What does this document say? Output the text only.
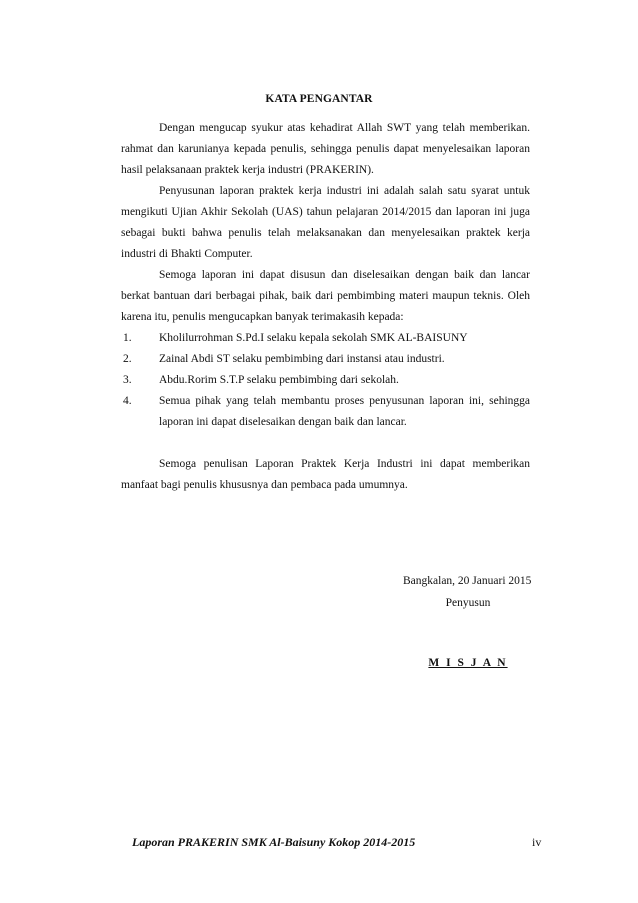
KATA PENGANTAR

Dengan mengucap syukur atas kehadirat Allah SWT yang telah memberikan. rahmat dan karunianya kepada penulis, sehingga penulis dapat menyelesaikan laporan hasil pelaksanaan praktek kerja industri (PRAKERIN).

Penyusunan laporan praktek kerja industri ini adalah salah satu syarat untuk mengikuti Ujian Akhir Sekolah (UAS) tahun pelajaran 2014/2015 dan laporan ini juga sebagai bukti bahwa penulis telah melaksanakan dan menyelesaikan praktek kerja industri di Bhakti Computer.

Semoga laporan ini dapat disusun dan diselesaikan dengan baik dan lancar berkat bantuan dari berbagai pihak, baik dari pembimbing materi maupun teknis. Oleh karena itu, penulis mengucapkan banyak terimakasih kepada:

1.	Kholilurrohman S.Pd.I selaku kepala sekolah SMK AL-BAISUNY
2.	Zainal Abdi ST selaku pembimbing dari instansi atau industri.
3.	Abdu.Rorim S.T.P selaku pembimbing dari sekolah.
4.	Semua pihak yang telah membantu proses penyusunan laporan ini, sehingga laporan ini dapat diselesaikan dengan baik dan lancar.

Semoga penulisan Laporan Praktek Kerja Industri ini dapat memberikan manfaat bagi penulis khususnya dan pembaca pada umumnya.

Bangkalan, 20 Januari 2015
Penyusun
M I S J A N
Laporan PRAKERIN SMK Al-Baisuny Kokop 2014-2015	iv
